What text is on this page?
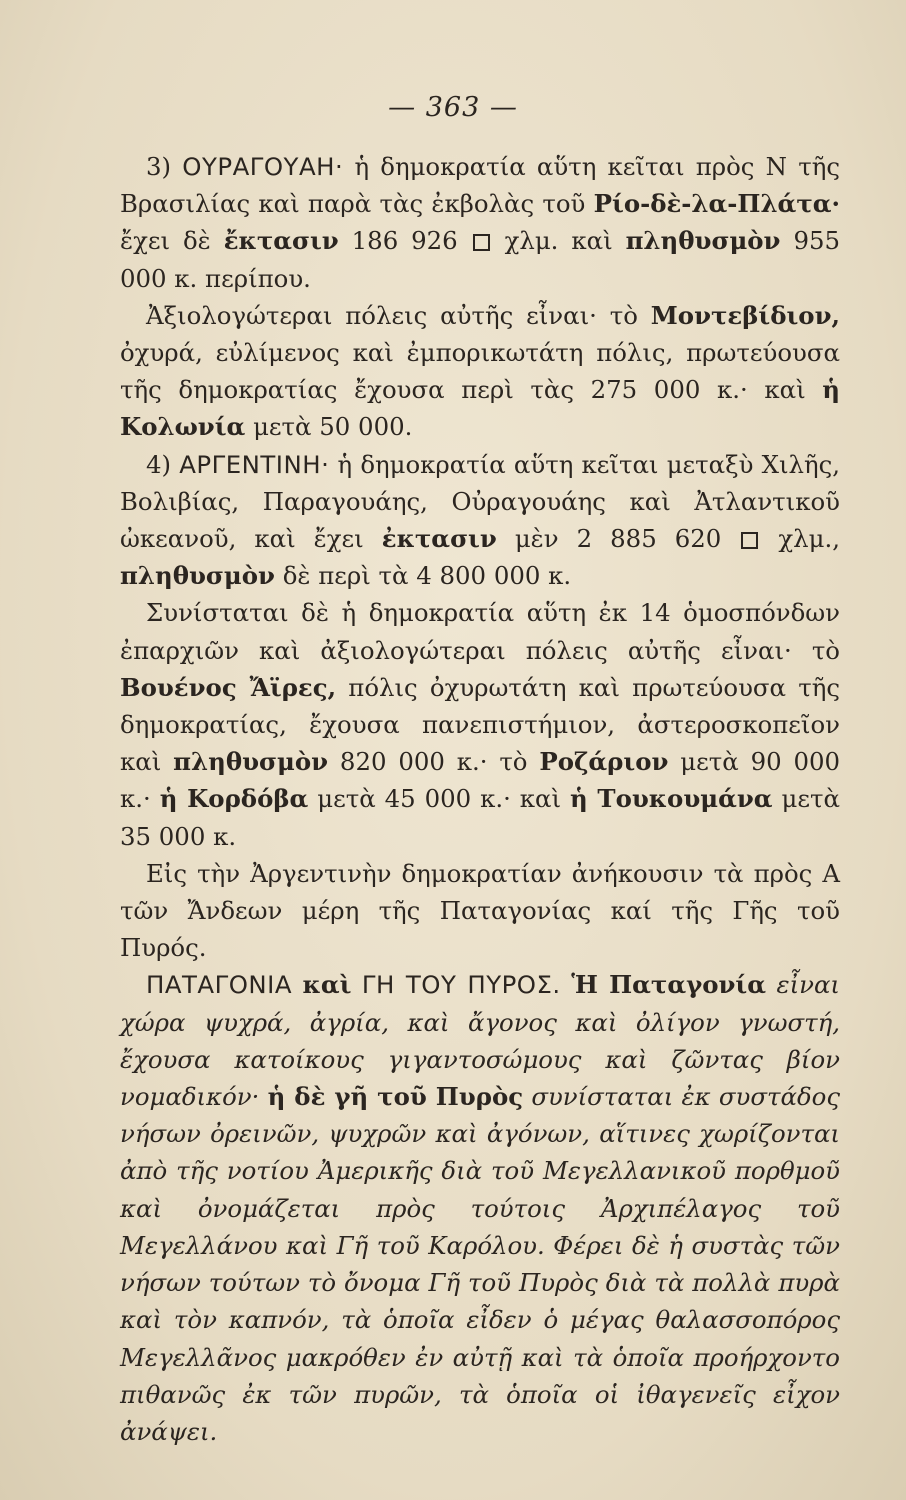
— 363 —

3) ΟΥΡΑΓΟΥΑΗ· ἡ δημοκρατία αὕτη κεῖται πρὸς Ν τῆς Βρασιλίας καὶ παρὰ τὰς ἐκβολὰς τοῦ Ρίο-δὲ-λα-Πλάτα· ἔχει δὲ ἔκτασιν 186 926 χλμ. καὶ πληθυσμὸν 955 000 κ. περίπου.

Ἀξιολογώτεραι πόλεις αὐτῆς εἶναι· τὸ Μοντεβίδιον, ὀχυρά, εὐλίμενος καὶ ἐμπορικωτάτη πόλις, πρωτεύουσα τῆς δημοκρατίας ἔχουσα περὶ τὰς 275 000 κ.· καὶ ἡ Κολωνία μετὰ 50 000.

4) ΑΡΓΕΝΤΙΝΗ· ἡ δημοκρατία αὕτη κεῖται μεταξὺ Χιλῆς, Βολιβίας, Παραγουάης, Οὐραγουάης καὶ Ἀτλαντικοῦ ὠκεανοῦ, καὶ ἔχει ἐκτασιν μὲν 2 885 620 χλμ., πληθυσμὸν δὲ περὶ τὰ 4 800 000 κ.

Συνίσταται δὲ ἡ δημοκρατία αὕτη ἐκ 14 ὁμοσπόνδων ἐπαρχιῶν καὶ ἀξιολογώτεραι πόλεις αὐτῆς εἶναι· τὸ Βουένος Ἄϊρες, πόλις ὀχυρωτάτη καὶ πρωτεύουσα τῆς δημοκρατίας, ἔχουσα πανεπιστήμιον, ἀστεροσκοπεῖον καὶ πληθυσμὸν 820 000 κ.· τὸ Ροζάριον μετὰ 90 000 κ.· ἡ Κορδόβα μετὰ 45 000 κ.· καὶ ἡ Τουκουμάνα μετὰ 35 000 κ.

Εἰς τὴν Ἀργεντινὴν δημοκρατίαν ἀνήκουσιν τὰ πρὸς Α τῶν Ἄνδεων μέρη τῆς Παταγονίας καί τῆς Γῆς τοῦ Πυρός.

ΠΑΤΑΓΟΝΙΑ καὶ ΓΗ ΤΟΥ ΠΥΡΟΣ. Ἡ Παταγονία εἶναι χώρα ψυχρά, ἀγρία, καὶ ἄγονος καὶ ὀλίγον γνωστή, ἔχουσα κατοίκους γιγαντοσώμους καὶ ζῶντας βίον νομαδικόν· ἡ δὲ γῆ τοῦ Πυρὸς συνίσταται ἐκ συστάδος νήσων ὀρεινῶν, ψυχρῶν καὶ ἀγόνων, αἵτινες χωρίζονται ἀπὸ τῆς νοτίου Ἀμερικῆς διὰ τοῦ Μεγελλανικοῦ πορθμοῦ καὶ ὀνομάζεται πρὸς τούτοις Ἀρχιπέλαγος τοῦ Μεγελλάνου καὶ Γῆ τοῦ Καρόλου. Φέρει δὲ ἡ συστὰς τῶν νήσων τούτων τὸ ὄνομα Γῆ τοῦ Πυρὸς διὰ τὰ πολλὰ πυρὰ καὶ τὸν καπνόν, τὰ ὁποῖα εἶδεν ὁ μέγας θαλασσοπόρος Μεγελλᾶνος μακρόθεν ἐν αὐτῇ καὶ τὰ ὁποῖα προήρχοντο πιθανῶς ἐκ τῶν πυρῶν, τὰ ὁποῖα οἱ ἰθαγενεῖς εἶχον ἀνάψει.
